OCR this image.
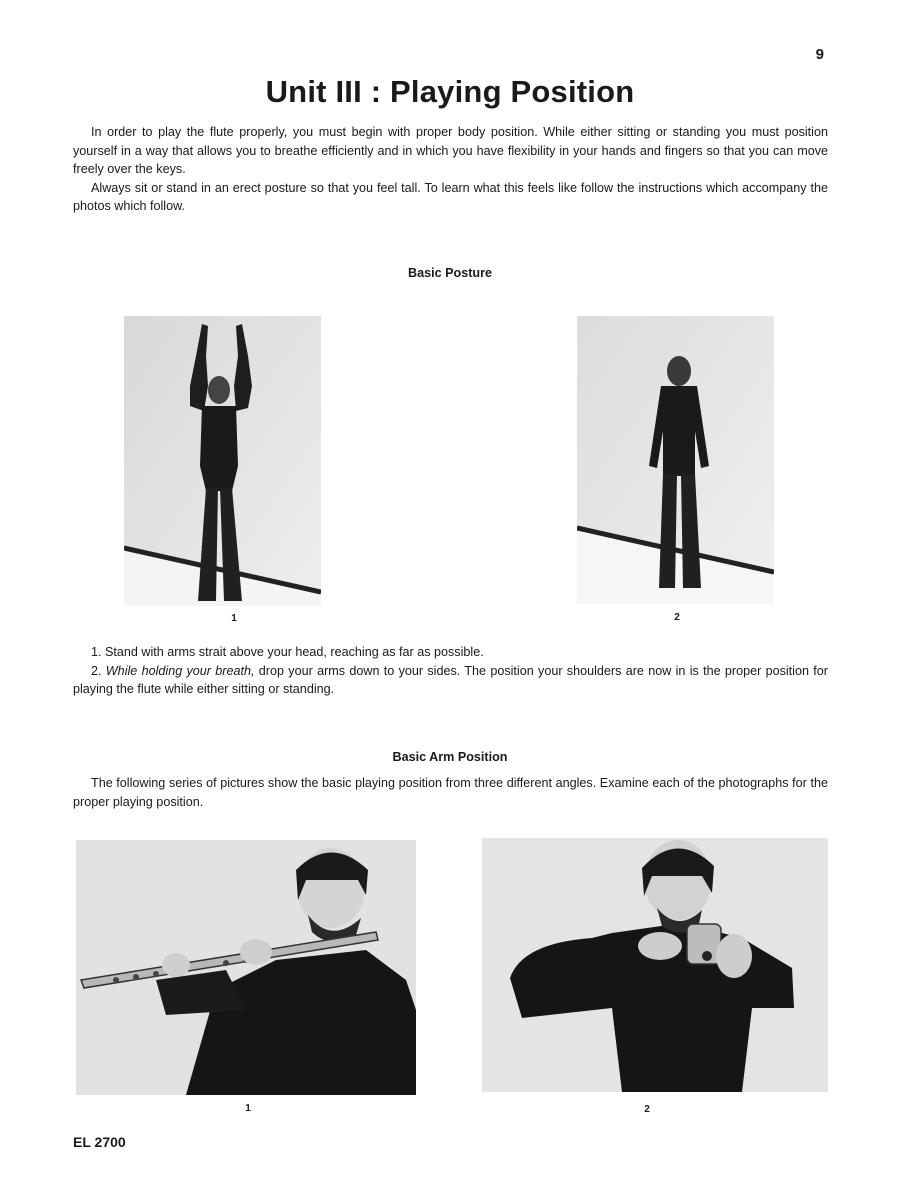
9
Unit III : Playing Position

In order to play the flute properly, you must begin with proper body position. While either sitting or standing you must position yourself in a way that allows you to breathe efficiently and in which you have flexibility in your hands and fingers so that you can move freely over the keys.

Always sit or stand in an erect posture so that you feel tall. To learn what this feels like follow the instructions which accompany the photos which follow.

Basic Posture
1	2

1. Stand with arms strait above your head, reaching as far as possible.

2. While holding your breath, drop your arms down to your sides. The position your shoulders are now in is the proper position for playing the flute while either sitting or standing.

Basic Arm Position

The following series of pictures show the basic playing position from three different angles. Examine each of the photographs for the proper playing position.

1	2
EL 2700
